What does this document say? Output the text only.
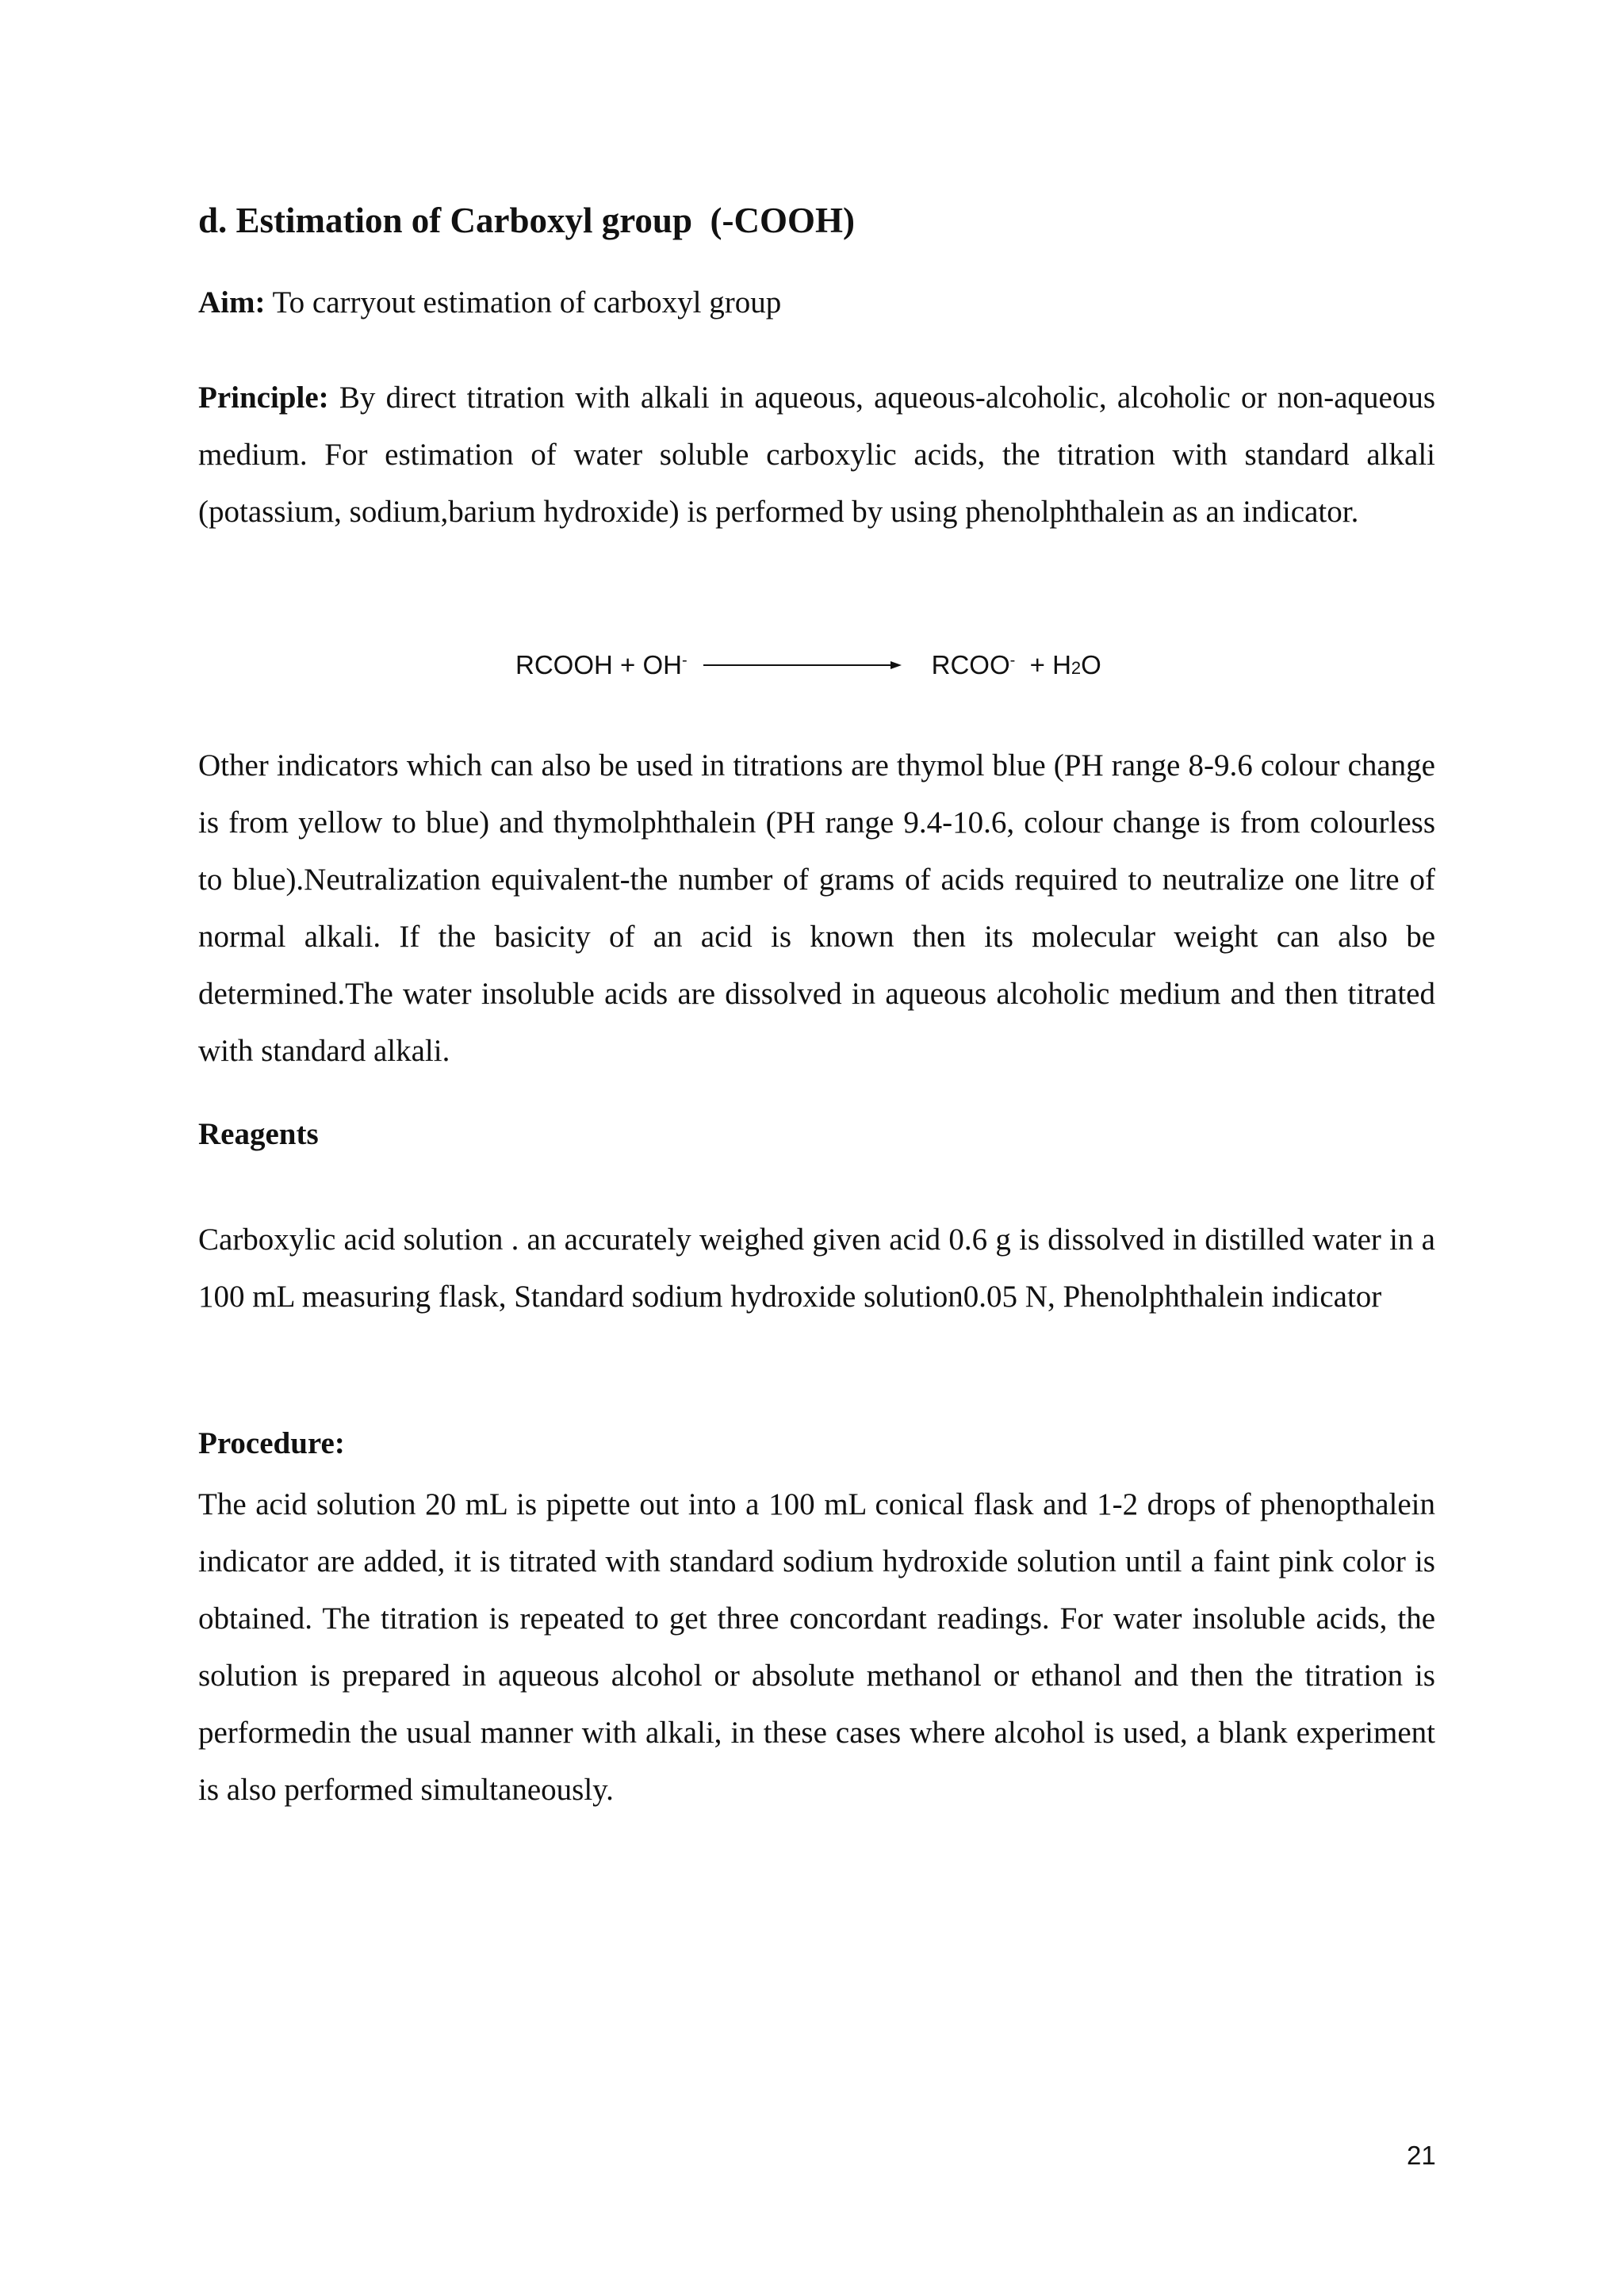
d. Estimation of Carboxyl group  (-COOH)

Aim: To carryout estimation of carboxyl group

Principle: By direct titration with alkali in aqueous, aqueous-alcoholic, alcoholic or non-aqueous medium. For estimation of water soluble carboxylic acids, the titration with standard alkali (potassium, sodium,barium hydroxide) is performed by using phenolphthalein as an indicator.

RCOOH + OH-	RCOO- + $H_2$ O

Other indicators which can also be used in titrations are thymol blue (PH range 8-9.6 colour change is from yellow to blue) and thymolphthalein (PH range 9.4-10.6, colour change is from colourless to blue).Neutralization equivalent-the number of grams of acids required to neutralize one litre of normal alkali. If the basicity of an acid is known then its molecular weight can also be determined.The water insoluble acids are dissolved in aqueous alcoholic medium and then titrated with standard alkali.

Reagents

Carboxylic acid solution . an accurately weighed given acid 0.6 g is dissolved in distilled water in a 100 mL measuring flask, Standard sodium hydroxide solution0.05 N, Phenolphthalein indicator

Procedure:

The acid solution 20 mL is pipette out into a 100 mL conical flask and 1-2 drops of phenopthalein indicator are added, it is titrated with standard sodium hydroxide solution until a faint pink color is obtained. The titration is repeated to get three concordant readings. For water insoluble acids, the solution is prepared in aqueous alcohol or absolute methanol or ethanol and then the titration is performedin the usual manner with alkali, in these cases where alcohol is used, a blank experiment is also performed simultaneously.

21
